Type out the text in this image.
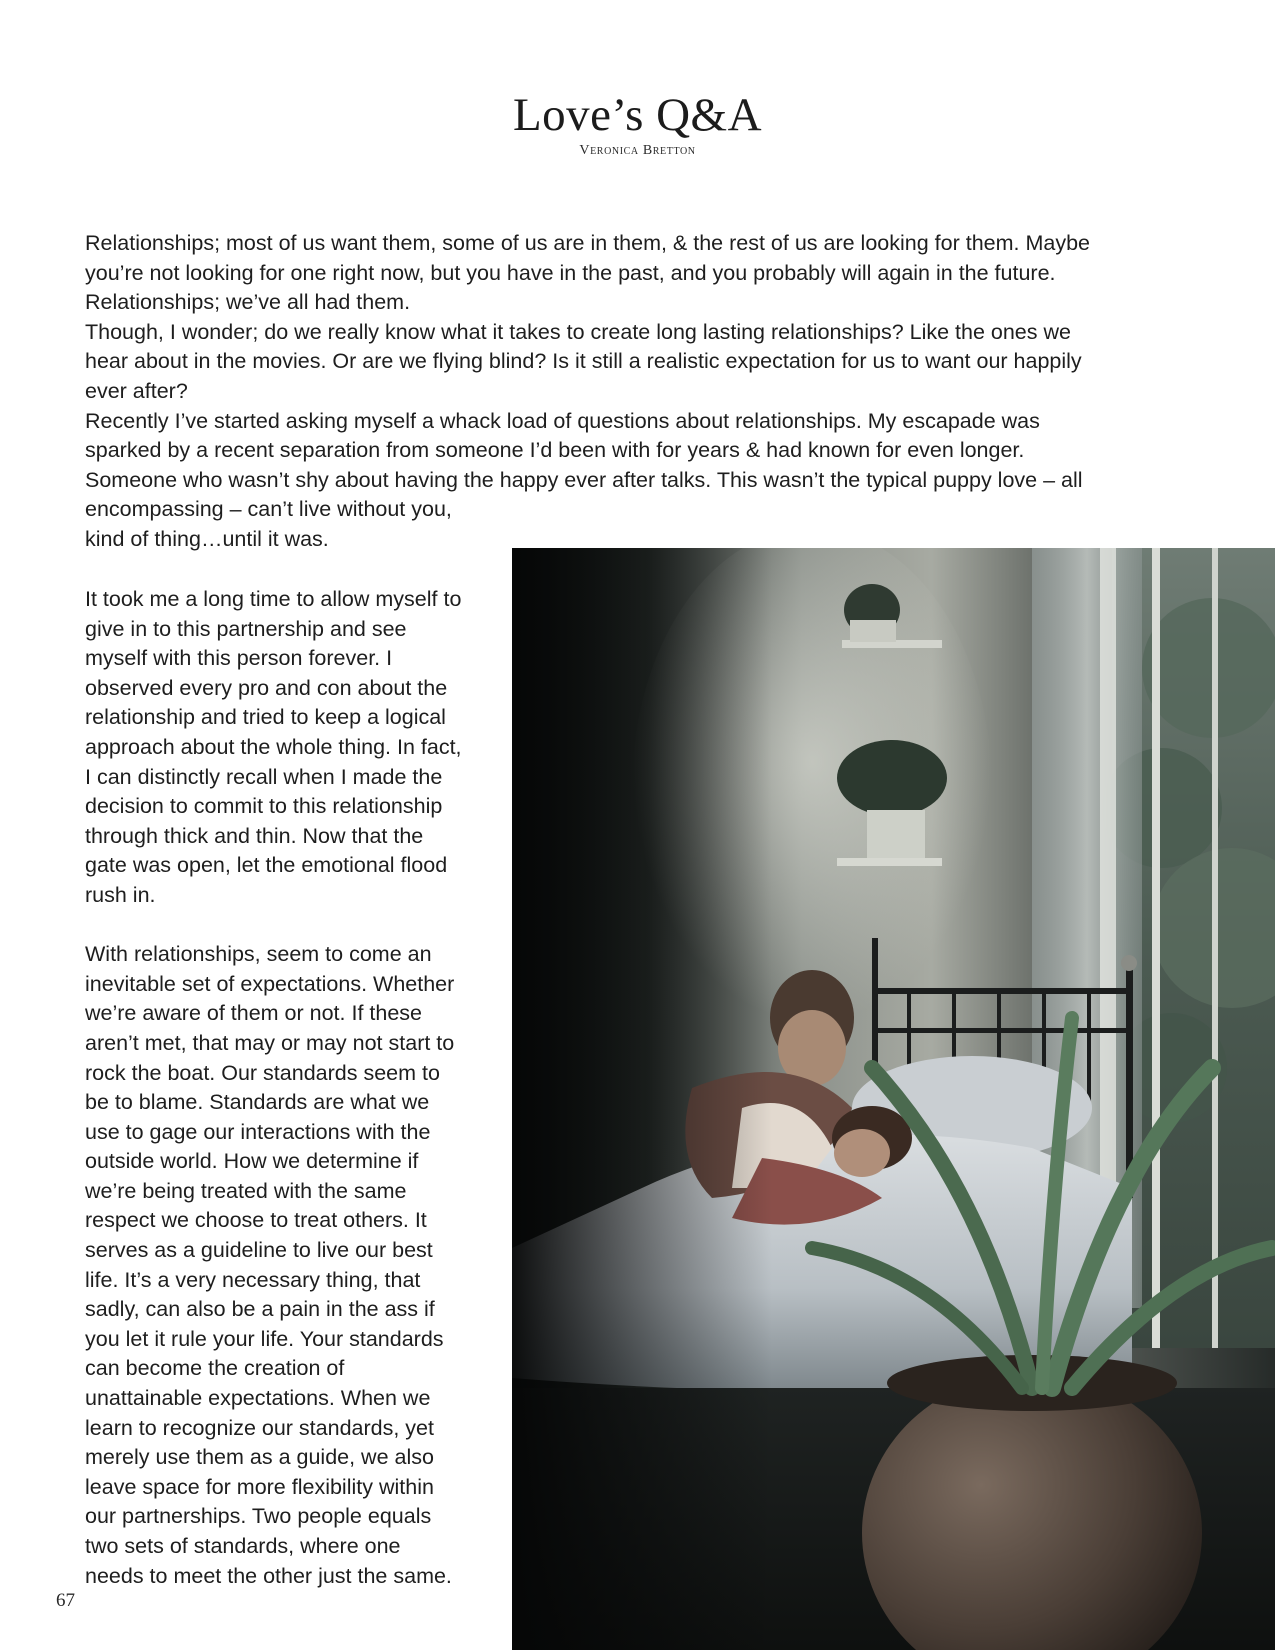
Love’s Q&A
Veronica Bretton
Relationships; most of us want them, some of us are in them, & the rest of us are looking for them. Maybe
you’re not looking for one right now, but you have in the past, and you probably will again in the future.
Relationships; we’ve all had them.
Though, I wonder; do we really know what it takes to create long lasting relationships? Like the ones we
hear about in the movies. Or are we flying blind? Is it still a realistic expectation for us to want our happily
ever after?
Recently I’ve started asking myself a whack load of questions about relationships. My escapade was
sparked by a recent separation from someone I’d been with for years & had known for even longer.
Someone who wasn’t shy about having the happy ever after talks. This wasn’t the typical puppy love – all
encompassing – can’t live without you,
kind of thing…until it was.

It took me a long time to allow myself to
give in to this partnership and see
myself with this person forever. I
observed every pro and con about the
relationship and tried to keep a logical
approach about the whole thing. In fact,
I can distinctly recall when I made the
decision to commit to this relationship
through thick and thin. Now that the
gate was open, let the emotional flood
rush in.

With relationships, seem to come an
inevitable set of expectations. Whether
we’re aware of them or not. If these
aren’t met, that may or may not start to
rock the boat. Our standards seem to
be to blame. Standards are what we
use to gage our interactions with the
outside world. How we determine if
we’re being treated with the same
respect we choose to treat others. It
serves as a guideline to live our best
life. It’s a very necessary thing, that
sadly, can also be a pain in the ass if
you let it rule your life. Your standards
can become the creation of
unattainable expectations. When we
learn to recognize our standards, yet
merely use them as a guide, we also
leave space for more flexibility within
our partnerships. Two people equals
two sets of standards, where one
needs to meet the other just the same.

67
